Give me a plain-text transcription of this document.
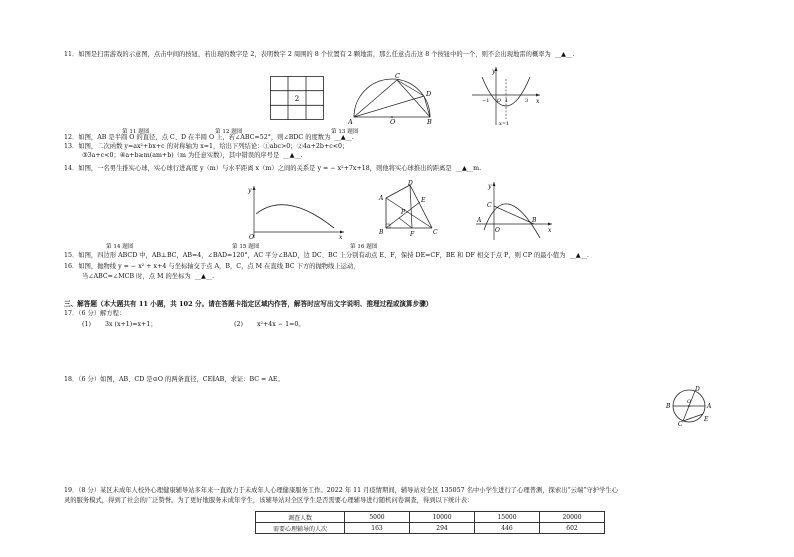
11．如图是扫雷游戏的示意图，点击中间的按钮，若出现的数字是 2，表明数字 2 周围的 8 个位置有 2 颗地雷，那么任意点击这 8 个按钮中的一个，则不会出现地雷的概率为  __▲__.
2
A	O	B
C
D
y
x
−1 O 1	3
x=1
第 11 题图	第 12 题图	第 13 题图
12．如图，AB 是半圆 O 的直径，点 C、D 在半圆 O 上，若∠ABC=52°，则∠BDC 的度数为  __▲__.
13．如图，二次函数 y=ax²+bx+c 的对称轴为 x=1，给出下列结论：①abc>0；②4a+2b+c<0；
③3a+c<0；④a+b≥m(am+b)（m 为任意实数），其中错误的序号是  __▲__.
14．如图，一名男生推实心球，实心球行进高度 y（m）与水平距离 x（m）之间的关系是 y = − x²+7x+18，则他将实心球推出的距离是  __▲__m.
y
x
O
A
B	C
D
E
F
P
y
x
A	B
C
O
第 14 题图	第 15 题图	第 16 题图
15．如图，四边形 ABCD 中，AB⊥BC，AB=4，∠BAD=120°，AC 平分∠BAD，边 DC、BC 上分别有动点 E、F，保持 DE=CF，BE 和 DF 相交于点 P，则 CP 的最小值为  __▲__.
16．如图，抛物线 y = − x² + x+4 与坐标轴交于点 A，B，C，点 M 在直线 BC 下方的抛物线上运动，
当∠ABC=∠MCB 时，点 M 的坐标为  __▲__.
三、解答题（本大题共有 11 小题，共 102 分。请在答题卡指定区域内作答，解答时应写出文字说明、推理过程或演算步骤）
17．（6 分）解方程：
(1) 3x (x+1)=x+1；	(2) x²+4x − 1=0。
18．（6 分）如图，AB、CD 是⊙O 的两条直径，CE∥AB，求证：BC = AE。
B	A
D
C
E
O
19．（8 分）某区未成年人校外心理健康辅导站多年来一直致力于未成年人心理健康服务工作。2022 年 11 月疫情期间，辅导站对全区 135057 名中小学生进行了心理普测，探索出“云端”守护学生心
灵的服务模式，得到了社会的广泛赞誉。为了更好地服务未成年学生，该辅导站对全区学生是否需要心理辅导进行随机问卷调查，得到以下统计表：
调查人数	5000	10000	15000	20000
需要心理辅导的人次	163	294	446	602
